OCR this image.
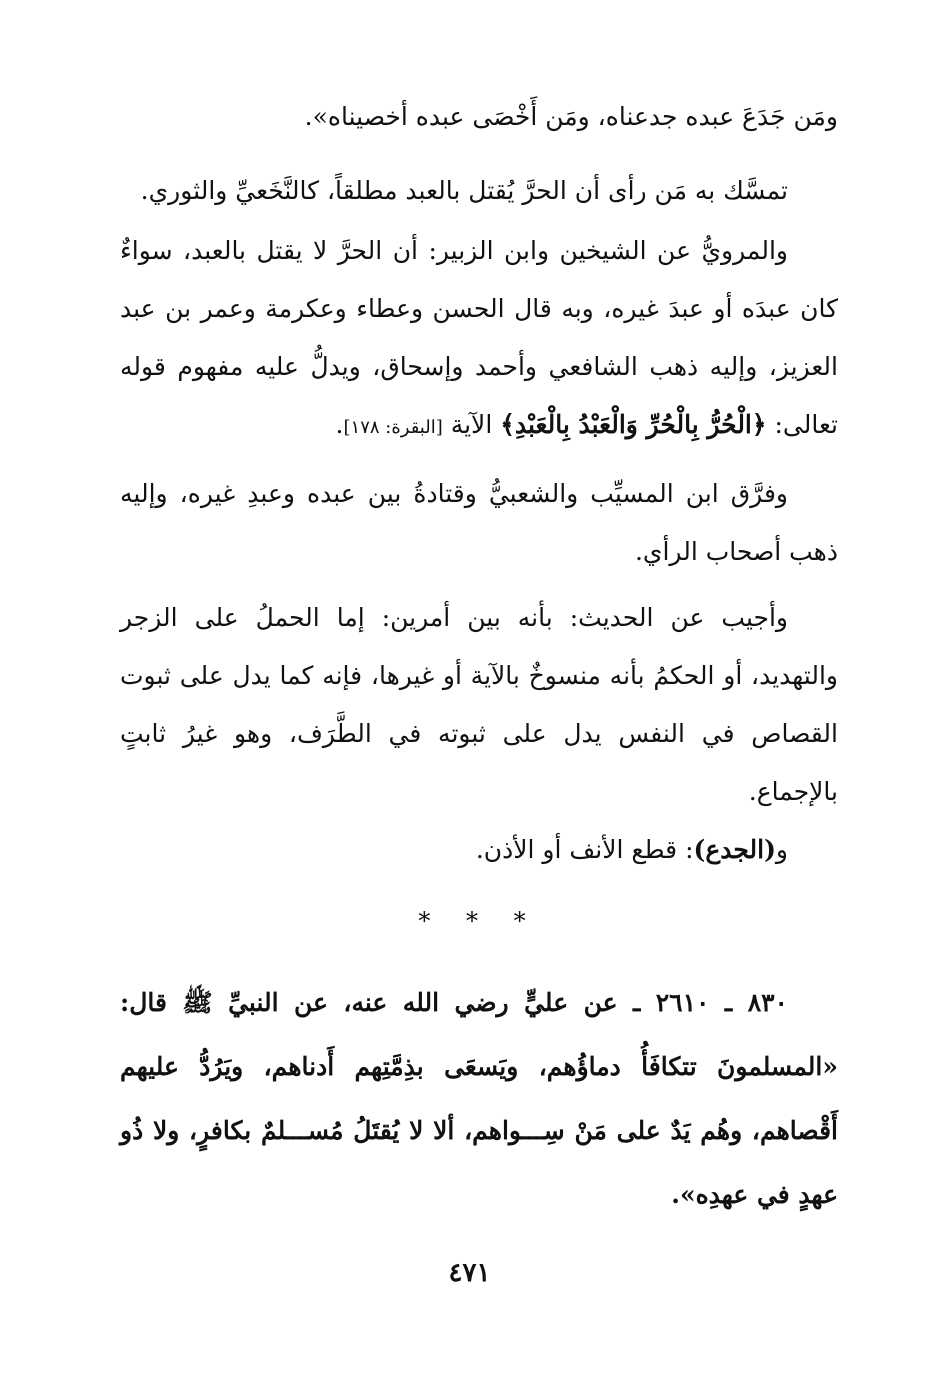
ومَن جَدَعَ عبده جدعناه، ومَن أَخْصَى عبده أخصيناه».

تمسَّك به مَن رأى أن الحرَّ يُقتل بالعبد مطلقاً، كالنَّخَعيِّ والثوري.

والمرويُّ عن الشيخين وابن الزبير: أن الحرَّ لا يقتل بالعبد، سواءٌ كان عبدَه أو عبدَ غيره، وبه قال الحسن وعطاء وعكرمة وعمر بن عبد العزيز، وإليه ذهب الشافعي وأحمد وإسحاق، ويدلُّ عليه مفهوم قوله تعالى: ﴿الْحُرُّ بِالْحُرِّ وَالْعَبْدُ بِالْعَبْدِ﴾ الآية [البقرة: ١٧٨].

وفرَّق ابن المسيِّب والشعبيُّ وقتادةُ بين عبده وعبدِ غيره، وإليه ذهب أصحاب الرأي.

وأجيب عن الحديث: بأنه بين أمرين: إما الحملُ على الزجر والتهديد، أو الحكمُ بأنه منسوخٌ بالآية أو غيرها، فإنه كما يدل على ثبوت القصاص في النفس يدل على ثبوته في الطَّرَف، وهو غيرُ ثابتٍ بالإجماع.

و(الجدع): قطع الأنف أو الأذن.

* * *

٨٣٠ ـ ٢٦١٠ ـ عن عليٍّ رضي الله عنه، عن النبيِّ ﷺ قال: «المسلمونَ تتكافَأُ دماؤُهم، ويَسعَى بذِمَّتِهم أَدناهم، ويَرُدُّ عليهم أَقْصاهم، وهُم يَدٌ على مَنْ سِـــواهم، ألا لا يُقتَلُ مُســـلمٌ بكافرٍ، ولا ذُو عهدٍ في عهدِه».

٤٧١
